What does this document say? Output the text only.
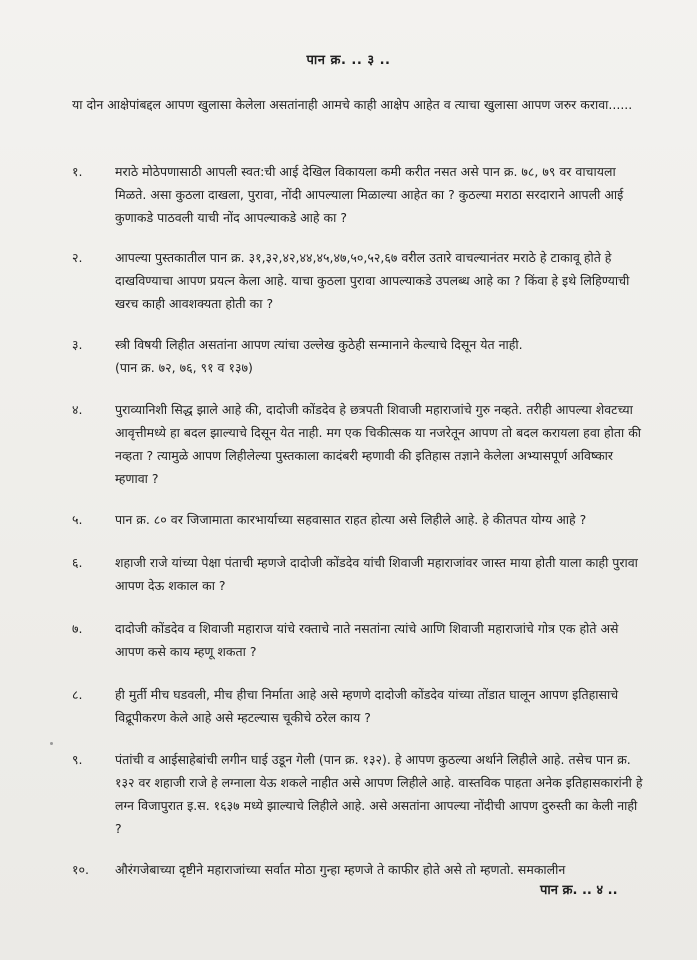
पान क्र. .. ३ ..
या दोन आक्षेपांबद्दल आपण खुलासा केलेला असतांनाही आमचे काही आक्षेप आहेत व त्याचा खुलासा आपण जरुर करावा......
१.	मराठे मोठेपणासाठी आपली स्वत:ची आई देखिल विकायला कमी करीत नसत असे पान क्र. ७८, ७९ वर वाचायला मिळते. असा कुठला दाखला, पुरावा, नोंदी आपल्याला मिळाल्या आहेत का ? कुठल्या मराठा सरदाराने आपली आई कुणाकडे पाठवली याची नोंद आपल्याकडे आहे का ?
२.	आपल्या पुस्तकातील पान क्र. ३१,३२,४२,४४,४५,४७,५०,५२,६७ वरील उतारे वाचल्यानंतर मराठे हे टाकावू होते हे दाखविण्याचा आपण प्रयत्न केला आहे. याचा कुठला पुरावा आपल्याकडे उपलब्ध आहे का ? किंवा हे इथे लिहिण्याची खरच काही आवशक्यता होती का ?
३.	स्त्री विषयी लिहीत असतांना आपण त्यांचा उल्लेख कुठेही सन्मानाने केल्याचे दिसून येत नाही.
(पान क्र. ७२, ७६, ९१ व १३७)
४.	पुराव्यानिशी सिद्ध झाले आहे की, दादोजी कोंडदेव हे छत्रपती शिवाजी महाराजांचे गुरु नव्हते. तरीही आपल्या शेवटच्या आवृत्तीमध्ये हा बदल झाल्याचे दिसून येत नाही. मग एक चिकीत्सक या नजरेतून आपण तो बदल करायला हवा होता की नव्हता ? त्यामुळे आपण लिहीलेल्या पुस्तकाला कादंबरी म्हणावी की इतिहास तज्ञाने केलेला अभ्यासपूर्ण अविष्कार म्हणावा ?
५.	पान क्र. ८० वर जिजामाता कारभार्याच्या सहवासात राहत होत्या असे लिहीले आहे. हे कीतपत योग्य आहे ?
६.	शहाजी राजे यांच्या पेक्षा पंताची म्हणजे दादोजी कोंडदेव यांची शिवाजी महाराजांवर जास्त माया होती याला काही पुरावा आपण देऊ शकाल का ?
७.	दादोजी कोंडदेव व शिवाजी महाराज यांचे रक्ताचे नाते नसतांना त्यांचे आणि शिवाजी महाराजांचे गोत्र एक होते असे आपण कसे काय म्हणू शकता ?
८.	ही मुर्ती मीच घडवली, मीच हीचा निर्माता आहे असे म्हणणे दादोजी कोंडदेव यांच्या तोंडात घालून आपण इतिहासाचे विद्रूपीकरण केले आहे असे म्हटल्यास चूकीचे ठरेल काय ?
९.	पंतांची व आईसाहेबांची लगीन घाई उडून गेली (पान क्र. १३२). हे आपण कुठल्या अर्थाने लिहीले आहे. तसेच पान क्र. १३२ वर शहाजी राजे हे लग्नाला येऊ शकले नाहीत असे आपण लिहीले आहे. वास्तविक पाहता अनेक इतिहासकारांनी हे लग्न विजापुरात इ.स. १६३७ मध्ये झाल्याचे लिहीले आहे. असे असतांना आपल्या नोंदीची आपण दुरुस्ती का केली नाही ?
१०.	औरंगजेबाच्या दृष्टीने महाराजांच्या सर्वात मोठा गुन्हा म्हणजे ते काफीर होते असे तो म्हणतो. समकालीन
पान क्र. .. ४ ..
